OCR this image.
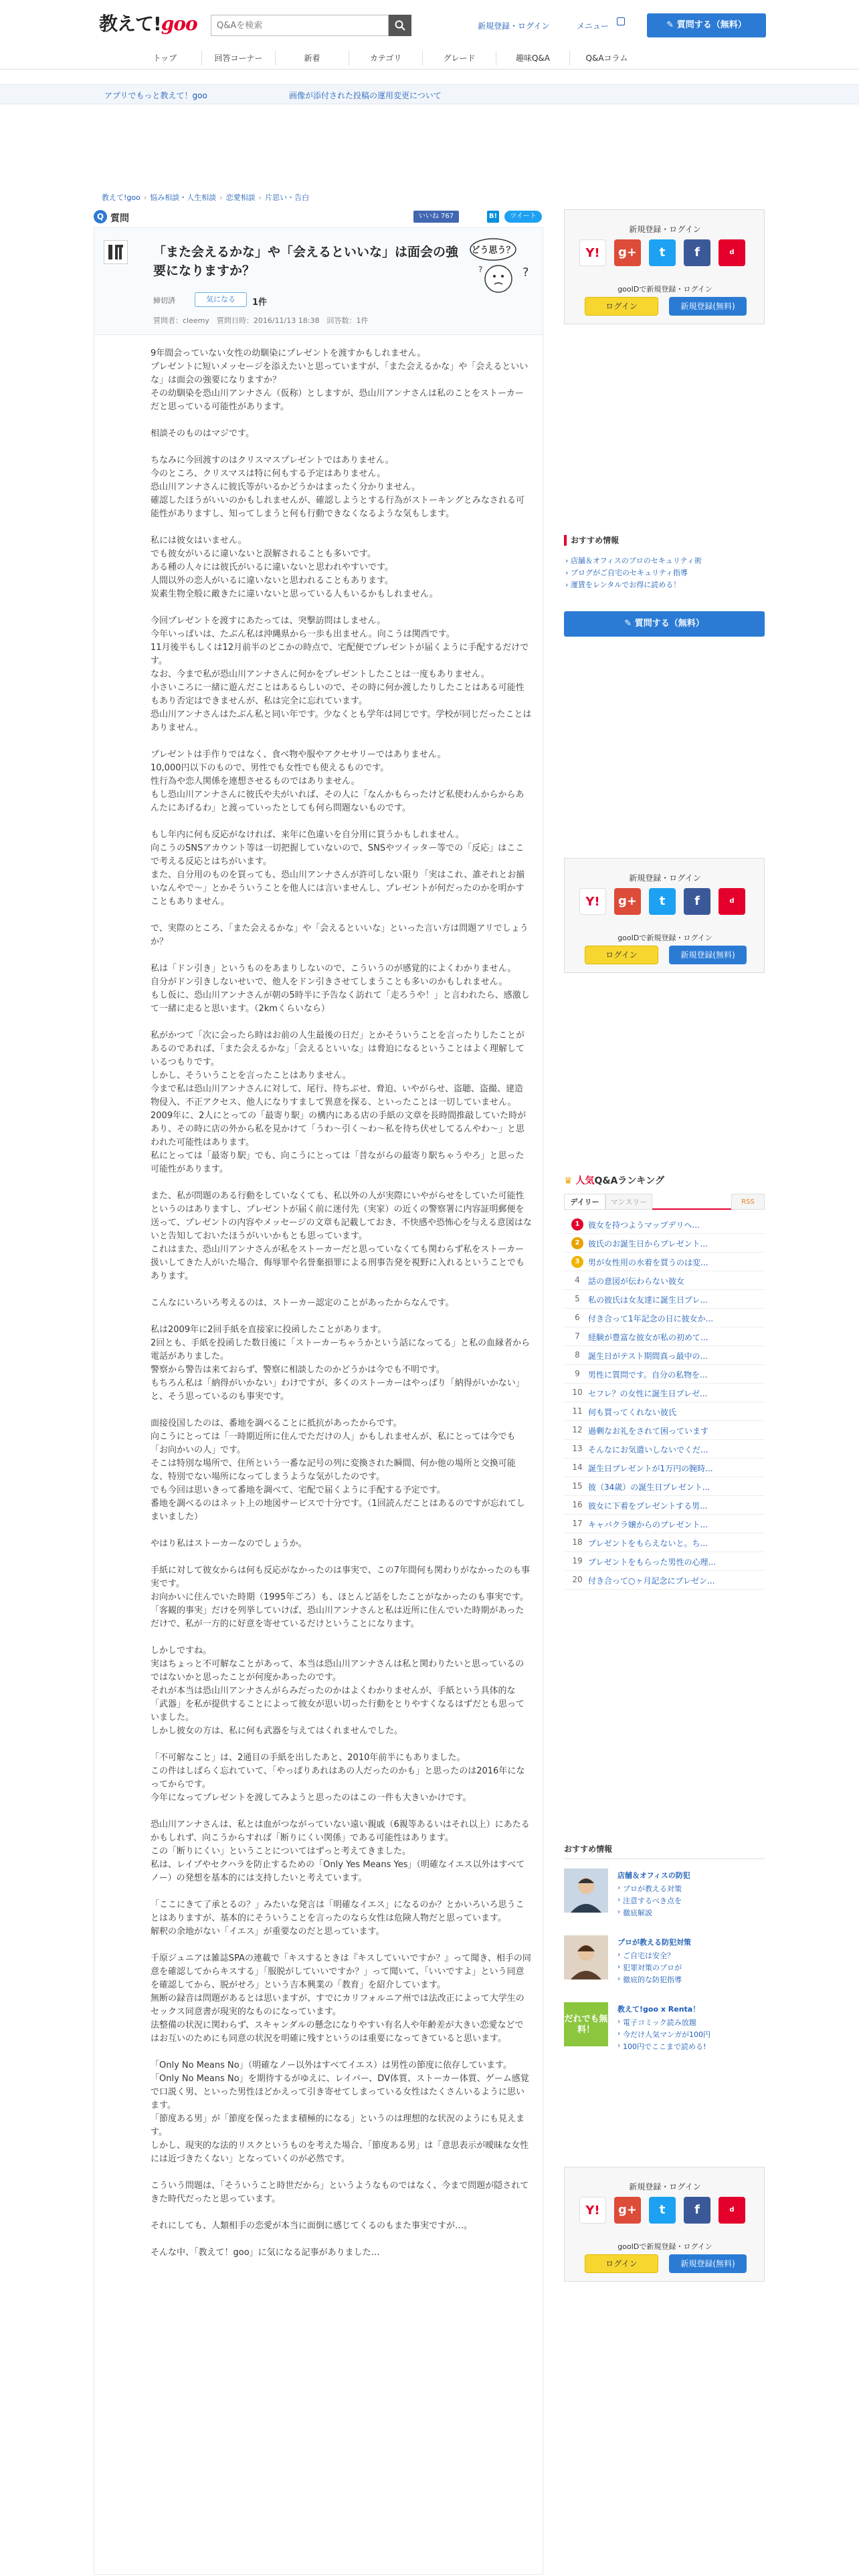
教えて!goo
Q&Aを検索	新規登録・ログイン	メニュー	✎ 質問する（無料）
トップ	回答コーナー	新着	カテゴリ	グレード	趣味Q&A	Q&Aコラム
アプリでもっと教えて！goo	画像が添付された投稿の運用変更について
教えて!goo › 悩み相談・人生相談 › 恋愛相談 › 片思い・告白
Q 質問	いいね 767	B!	ツイート
「また会えるかな」や「会えるといいな」は面会の強要になりますか？
どう思う？
?
?
締切済	気になる	1件
質問者：cleemy　質問日時：2016/11/13 18:38　回答数：1件

9年間会っていない女性の幼馴染にプレゼントを渡すかもしれません。

プレゼントに短いメッセージを添えたいと思っていますが、「また会えるかな」や「会えるといいな」は面会の強要になりますか？

その幼馴染を恐山川アンナさん（仮称）としますが、恐山川アンナさんは私のことをストーカーだと思っている可能性があります。

相談そのものはマジです。

ちなみに今回渡すのはクリスマスプレゼントではありません。

今のところ、クリスマスは特に何もする予定はありません。

恐山川アンナさんに彼氏等がいるかどうかはまったく分かりません。

確認したほうがいいのかもしれませんが、確認しようとする行為がストーキングとみなされる可能性がありますし、知ってしまうと何も行動できなくなるような気もします。

私には彼女はいません。

でも彼女がいるに違いないと誤解されることも多いです。

ある種の人々には彼氏がいるに違いないと思われやすいです。

人間以外の恋人がいるに違いないと思われることもあります。

炭素生物全般に敵きたに違いないと思っている人もいるかもしれません。

今回プレゼントを渡すにあたっては、突撃訪問はしません。

今年いっぱいは、たぶん私は沖縄県から一歩も出ません。向こうは関西です。

11月後半もしくは12月前半のどこかの時点で、宅配便でプレゼントが届くように手配するだけです。

なお、今まで私が恐山川アンナさんに何かをプレゼントしたことは一度もありません。

小さいころに一緒に遊んだことはあるらしいので、その時に何か渡したりしたことはある可能性もあり否定はできませんが、私は完全に忘れています。

恐山川アンナさんはたぶん私と同い年です。少なくとも学年は同じです。学校が同じだったことはありません。

プレゼントは手作りではなく、食べ物や服やアクセサリーではありません。

10,000円以下のもので、男性でも女性でも使えるものです。

性行為や恋人関係を連想させるものではありません。

もし恐山川アンナさんに彼氏や夫がいれば、その人に「なんかもらったけど私使わんからからあんたにあげるわ」と渡っていったとしても何ら問題ないものです。

もし年内に何も反応がなければ、来年に色違いを自分用に買うかもしれません。

向こうのSNSアカウント等は一切把握していないので、SNSやツイッター等での「反応」はここで考える反応とはちがいます。

また、自分用のものを買っても、恐山川アンナさんが許可しない限り「実はこれ、誰それとお揃いなんやで〜」とかそういうことを他人には言いませんし、プレゼントが何だったのかを明かすこともありません。

で、実際のところ、「また会えるかな」や「会えるといいな」といった言い方は問題アリでしょうか？

私は「ドン引き」というものをあまりしないので、こういうのが感覚的によくわかりません。

自分がドン引きしないせいで、他人をドン引きさせてしまうことも多いのかもしれません。

もし仮に、恐山川アンナさんが朝の5時半に予告なく訪れて「走ろうや！」と言われたら、感激して一緒に走ると思います。（2kmくらいなら）

私がかつて「次に会ったら時はお前の人生最後の日だ」とかそういうことを言ったりしたことがあるのであれば、「また会えるかな」「会えるといいな」は脅迫になるということはよく理解しているつもりです。

しかし、そういうことを言ったことはありません。

今まで私は恐山川アンナさんに対して、尾行、待ちぶせ、脅迫、いやがらせ、盗聴、盗撮、建造物侵入、不正アクセス、他人になりすまして異意を探る、といったことは一切していません。

2009年に、2人にとっての「最寄り駅」の構内にある店の手紙の文章を長時間推敲していた時があり、その時に店の外から私を見かけて「うわ〜引く〜わ〜私を待ち伏せしてるんやわ〜」と思われた可能性はあります。

私にとっては「最寄り駅」でも、向こうにとっては「昔ながらの最寄り駅ちゃうやろ」と思った可能性があります。

また、私が問題のある行動をしていなくても、私以外の人が実際にいやがらせをしていた可能性というのはありますし、プレゼントが届く前に迷付先（実家）の近くの警察署に内容証明郵便を送って、プレゼントの内容やメッセージの文章も記載しておき、不快感や恐怖心を与える意図はないと告知しておいたほうがいいかもとも思っています。

これはまた、恐山川アンナさんが私をストーカーだと思っていなくても関わらず私をストーカー扱いしてきた人がいた場合、侮辱罪や名誉棄損罪による刑事告発を視野に入れるということでもあります。

こんなにいろいろ考えるのは、ストーカー認定のことがあったからなんです。

私は2009年に2回手紙を直接家に投函したことがあります。

2回とも、手紙を投函した数日後に「ストーカーちゃうかという話になってる」と私の血縁者から電話がありました。

警察から警告は来ておらず、警察に相談したのかどうかは今でも不明です。

もちろん私は「納得がいかない」わけですが、多くのストーカーはやっぱり「納得がいかない」と、そう思っているのも事実です。

面接役国したのは、番地を調べることに抵抗があったからです。

向こうにとっては「一時期近所に住んでただけの人」かもしれませんが、私にとっては今でも「お向かいの人」です。

そこは特別な場所で、住所という一番な記号の列に変換された瞬間、何か他の場所と交換可能な、特別でない場所になってしまうような気がしたのです。

でも今回は思いきって番地を調べて、宅配で届くように手配する予定です。

番地を調べるのはネット上の地図サービスで十分です。（1回読んだことはあるのですが忘れてしまいました）

やはり私はストーカーなのでしょうか。

手紙に対して彼女からは何も反応がなかったのは事実で、この7年間何も関わりがなかったのも事実です。

お向かいに住んでいた時期（1995年ごろ）も、ほとんど話をしたことがなかったのも事実です。

「客観的事実」だけを列挙していけば、恐山川アンナさんと私は近所に住んでいた時期があっただけで、私が一方的に好意を寄せているだけということになります。

しかしですね。

実はちょっと不可解なことがあって、本当は恐山川アンナさんは私と関わりたいと思っているのではないかと思ったことが何度かあったのです。

それが本当は恐山川アンナさんがらみだったのかはよくわかりませんが、手紙という具体的な「武器」を私が提供することによって彼女が思い切った行動をとりやすくなるはずだとも思っていました。

しかし彼女の方は、私に何も武器を与えてはくれませんでした。

「不可解なこと」は、2通目の手紙を出したあと、2010年前半にもありました。

この件はしばらく忘れていて、「やっぱりあれはあの人だったのかも」と思ったのは2016年になってからです。

今年になってプレゼントを渡してみようと思ったのはこの一件も大きいかけです。

恐山川アンナさんは、私とは血がつながっていない遠い親戚（6親等あるいはそれ以上）にあたるかもしれず、向こうからすれば「断りにくい関係」である可能性はあります。

この「断りにくい」ということについてはずっと考えてきました。

私は、レイプやセクハラを防止するための「Only Yes Means Yes」（明確なイエス以外はすべてノー）の発想を基本的には支持したいと考えています。

「ここにきて了承とるの？」みたいな発言は「明確なイエス」になるのか？とかいろいろ思うことはありますが、基本的にそういうことを言ったのなら女性は危険人物だと思っています。

解釈の余地がない「イエス」が重要なのだと思っています。

千原ジュニアは雑誌SPAの連載で「キスするときは『キスしていいですか？』って聞き、相手の同意を確認してからキスする」「服脱がしていいですか？」って聞いて、「いいですよ」という同意を確認してから、脱がせろ」という吉本興業の「教育」を紹介しています。

無断の録音は問題があるとは思いますが、すでにカリフォルニア州では法改正によって大学生のセックス同意書が現実的なものになっています。

法整備の状況に関わらず、スキャンダルの懸念になりやすい有名人や年齢差が大きい恋愛などではお互いのためにも同意の状況を明確に残すというのは重要になってきていると思います。

「Only No Means No」（明確なノー以外はすべてイエス）は男性の節度に依存しています。

「Only No Means No」を期待するがゆえに、レイパー、DV体質、ストーカー体質、ゲーム感覚で口説く男、といった男性ほどかえって引き寄せてしまっている女性はたくさんいるように思います。

「節度ある男」が「節度を保ったまま積極的になる」というのは理想的な状況のようにも見えます。

しかし、現実的な法的リスクというものを考えた場合、「節度ある男」は「意思表示が曖昧な女性には近づきたくない」となっていくのが必然です。

こういう問題は、「そういうこと時世だから」というようなものではなく、今まで問題が隠されてきた時代だったと思っています。

それにしても、人類相手の恋愛が本当に面倒に感じてくるのもまた事実ですが…。

そんな中、「教えて！goo」に気になる記事がありました…

新規登録・ログイン
Y!	g+	t	f	d
gooIDで新規登録・ログイン
ログイン	新規登録(無料)
おすすめ情報
› 店舗＆オフィスのプロのセキュリティ術
› ブログがご自宅のセキュリティ指導
› 運賃をレンタルでお得に読める！
✎ 質問する（無料）
新規登録・ログイン
Y!	g+	t	f	d
gooIDで新規登録・ログイン
ログイン	新規登録(無料)
♛ 人気Q&Aランキング
デイリー	マンスリー	RSS
1	彼女を持つようマップデリへ...
2	彼氏のお誕生日からプレゼント...
3	男が女性用の水着を買うのは変...
4	話の意図が伝わらない彼女
5	私の彼氏は女友達に誕生日プレ...
6	付き合って1年記念の日に彼女か...
7	経験が豊富な彼女が私の初めて...
8	誕生日がテスト期間真っ最中の...
9	男性に質問です。自分の私物を...
10 セフレ？の女性に誕生日プレゼ...
11 何も買ってくれない彼氏
12 過剰なお礼をされて困っています
13 そんなにお気遣いしないでくだ...
14 誕生日プレゼントが1万円の腕時...
15 彼（34歳）の誕生日プレゼント...
16 彼女に下着をプレゼントする男...
17 キャバクラ嬢からのプレゼント...
18 プレゼントをもらえないと。ち...
19 プレゼントをもらった男性の心理...
20 付き合って○ヶ月記念にプレゼン...
新規登録・ログイン
Y!	g+	t	f	d
gooIDで新規登録・ログイン
ログイン	新規登録(無料)
おすすめ情報
店舗＆オフィスの防犯
› プロが教える対策
› 注意するべき点を
› 徹底解説
プロが教える防犯対策
› ご自宅は安全？
› 犯罪対策のプロが
› 徹底的な防犯指導
だれでも無料！
教えて!goo x Renta！
› 電子コミック読み放題
› 今だけ人気マンガが100円
› 100円でここまで読める!
